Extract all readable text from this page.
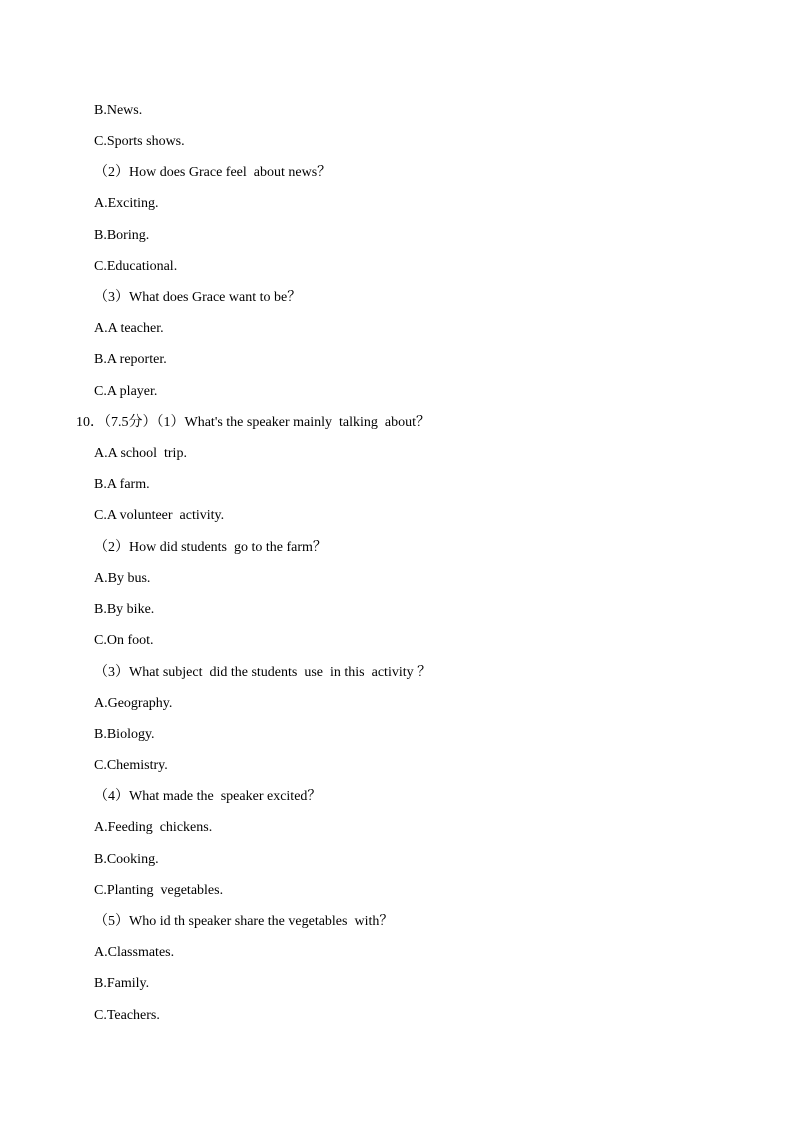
B.News.
C.Sports shows.
（2）How does Grace feel  about news？
A.Exciting.
B.Boring.
C.Educational.
（3）What does Grace want to be？
A.A teacher.
B.A reporter.
C.A player.
10．（7.5分）（1）What's the speaker mainly  talking  about？
A.A school  trip.
B.A farm.
C.A volunteer  activity.
（2）How did students  go to the farm？
A.By bus.
B.By bike.
C.On foot.
（3）What subject  did the students  use  in this  activity ？
A.Geography.
B.Biology.
C.Chemistry.
（4）What made the  speaker excited？
A.Feeding  chickens.
B.Cooking.
C.Planting  vegetables.
（5）Who id th speaker share the vegetables  with？
A.Classmates.
B.Family.
C.Teachers.
